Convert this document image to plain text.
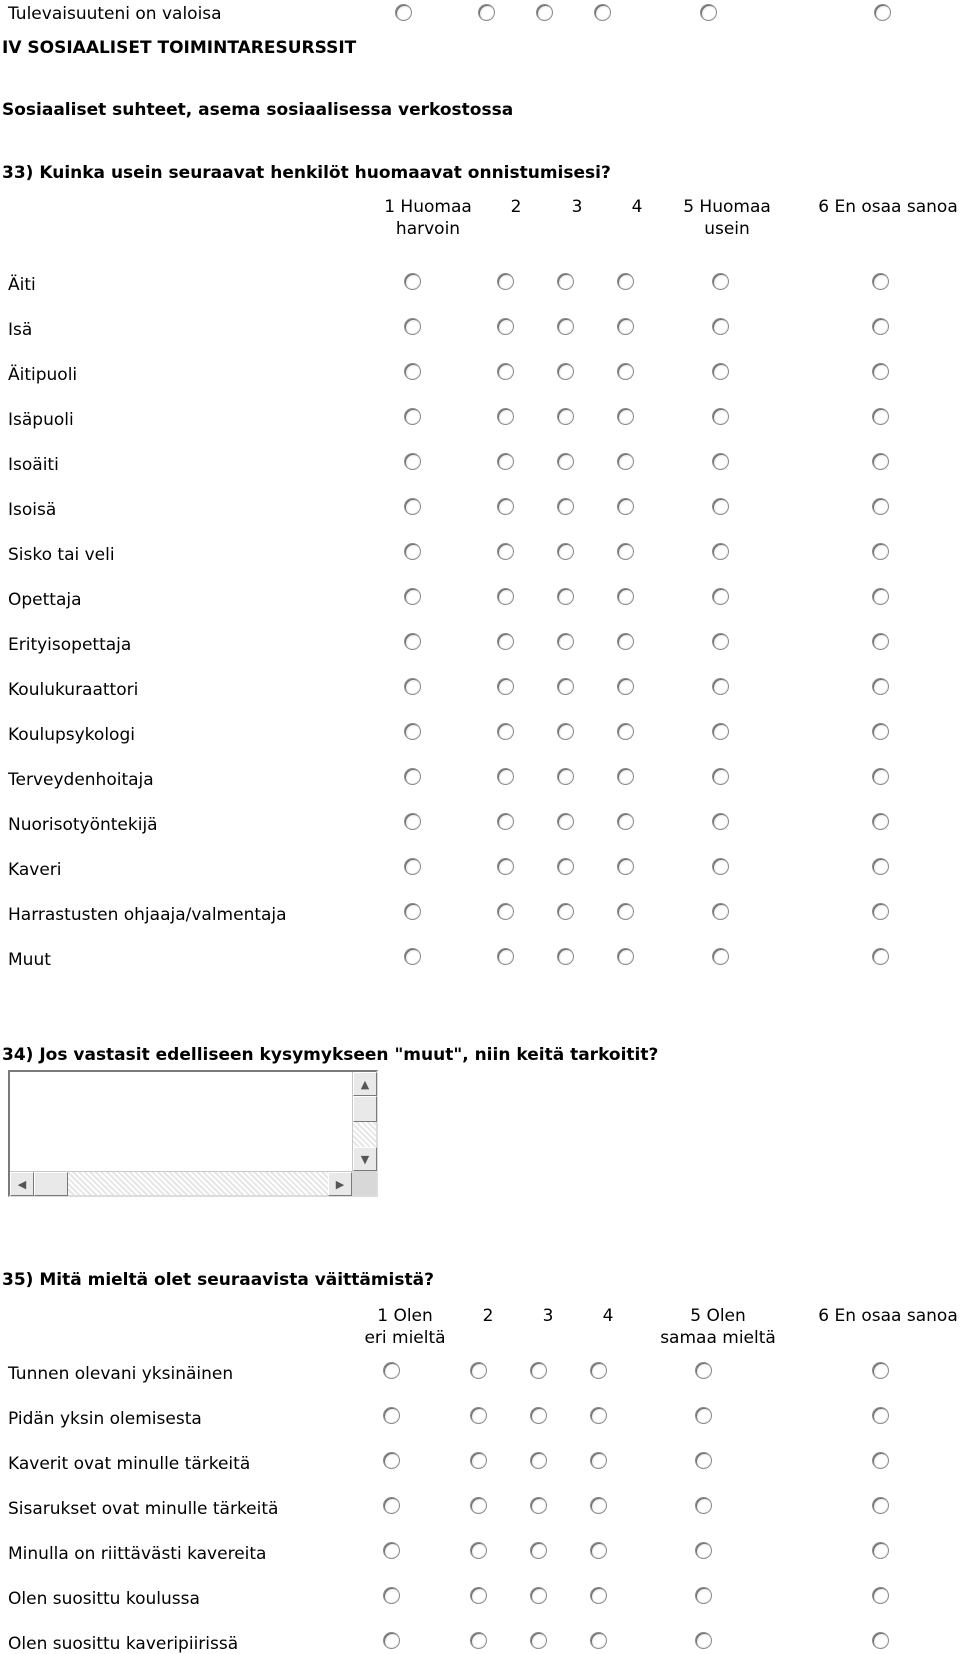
Tulevaisuuteni on valoisa
IV SOSIAALISET TOIMINTARESURSSIT
Sosiaaliset suhteet, asema sosiaalisessa verkostossa
33) Kuinka usein seuraavat henkilöt huomaavat onnistumisesi?
1 Huomaa
harvoin
2	3	4	5 Huomaa
usein
6 En osaa sanoa
Äiti
Isä
Äitipuoli
Isäpuoli
Isoäiti
Isoisä
Sisko tai veli
Opettaja
Erityisopettaja
Koulukuraattori
Koulupsykologi
Terveydenhoitaja
Nuorisotyöntekijä
Kaveri
Harrastusten ohjaaja/valmentaja
Muut
34) Jos vastasit edelliseen kysymykseen "muut", niin keitä tarkoitit?
▲
▼
◀	▶
35) Mitä mieltä olet seuraavista väittämistä?
1 Olen
eri mieltä
2	3	4	5 Olen
samaa mieltä
6 En osaa sanoa
Tunnen olevani yksinäinen
Pidän yksin olemisesta
Kaverit ovat minulle tärkeitä
Sisarukset ovat minulle tärkeitä
Minulla on riittävästi kavereita
Olen suosittu koulussa
Olen suosittu kaveripiirissä
